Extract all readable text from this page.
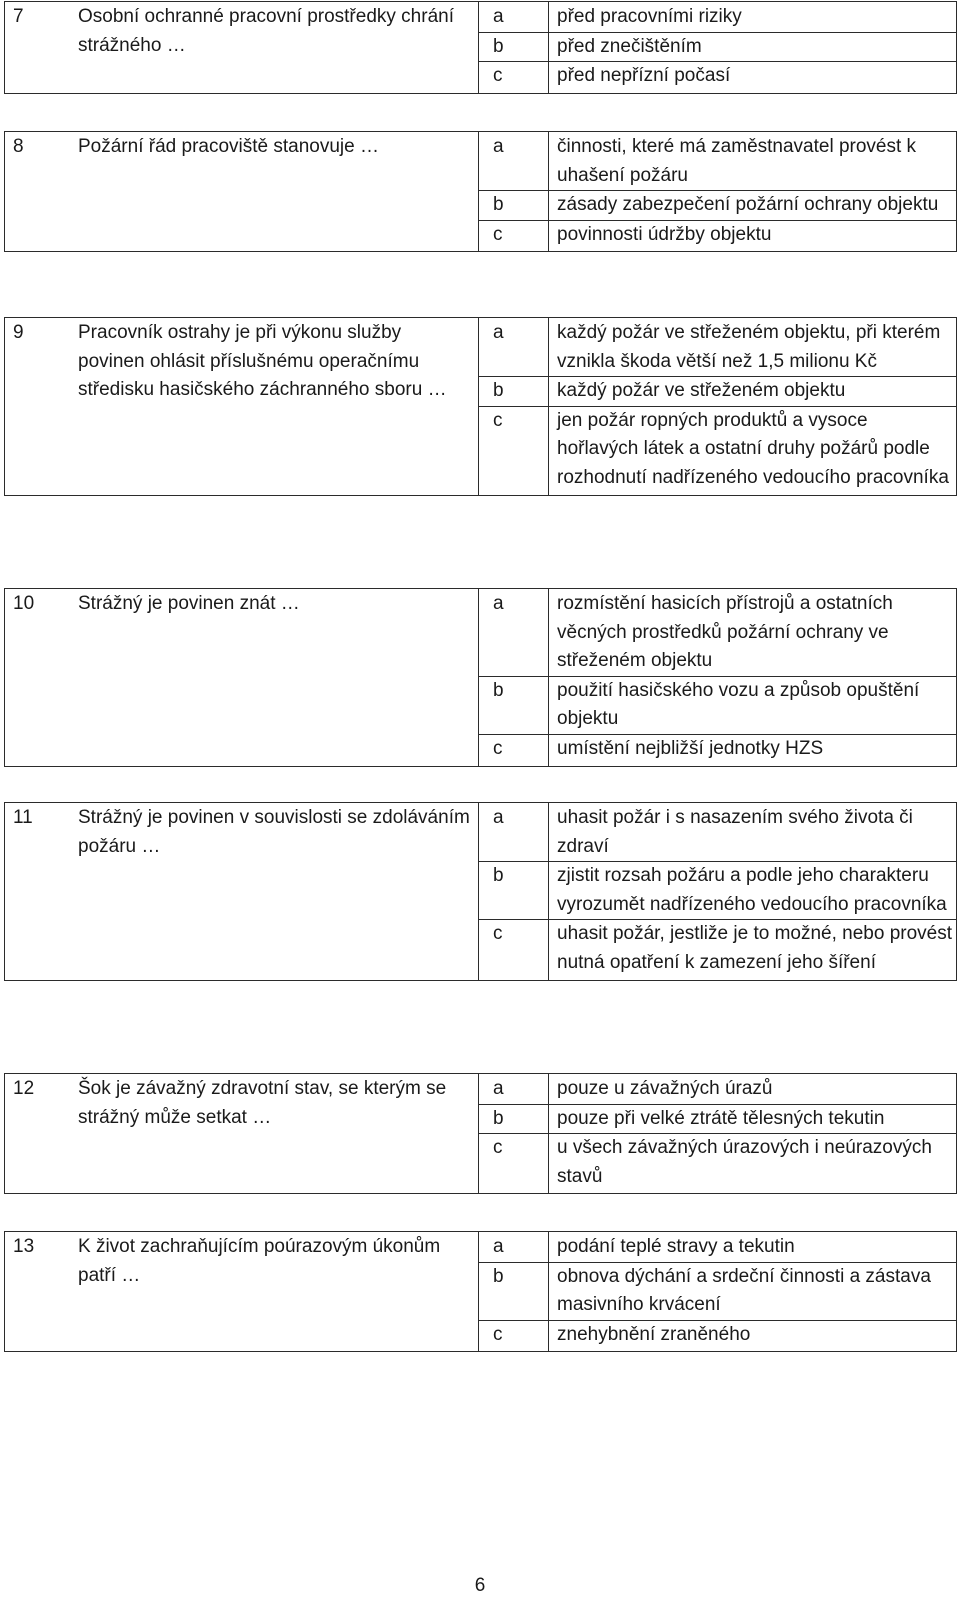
7	Osobní ochranné pracovní prostředky chrání strážného …	a	před pracovními riziky
		b	před znečištěním
		c	před nepřízní počasí
8	Požární řád pracoviště stanovuje …	a	činnosti, které má zaměstnavatel provést k uhašení požáru
		b	zásady zabezpečení požární ochrany objektu
		c	povinnosti údržby objektu
9	Pracovník ostrahy je při výkonu služby povinen ohlásit příslušnému operačnímu středisku hasičského záchranného sboru …	a	každý požár ve střeženém objektu, při kterém vznikla škoda větší než 1,5 milionu Kč
		b	každý požár ve střeženém objektu
		c	jen požár ropných produktů a vysoce hořlavých látek a ostatní druhy požárů podle rozhodnutí nadřízeného vedoucího pracovníka
10	Strážný je povinen znát …	a	rozmístění hasicích přístrojů a ostatních věcných prostředků požární ochrany ve střeženém objektu
		b	použití hasičského vozu a způsob opuštění objektu
		c	umístění nejbližší jednotky HZS
11	Strážný je povinen v souvislosti se zdoláváním požáru …	a	uhasit požár i s nasazením svého života či zdraví
		b	zjistit rozsah požáru a podle jeho charakteru vyrozumět nadřízeného vedoucího pracovníka
		c	uhasit požár, jestliže je to možné, nebo provést nutná opatření k zamezení jeho šíření
12	Šok je závažný zdravotní stav, se kterým se strážný může setkat …	a	pouze u závažných úrazů
		b	pouze při velké ztrátě tělesných tekutin
		c	u všech závažných úrazových i neúrazových stavů
13	K život zachraňujícím poúrazovým úkonům patří …	a	podání teplé stravy a tekutin
		b	obnova dýchání a srdeční činnosti a zástava masivního krvácení
		c	znehybnění zraněného
6
